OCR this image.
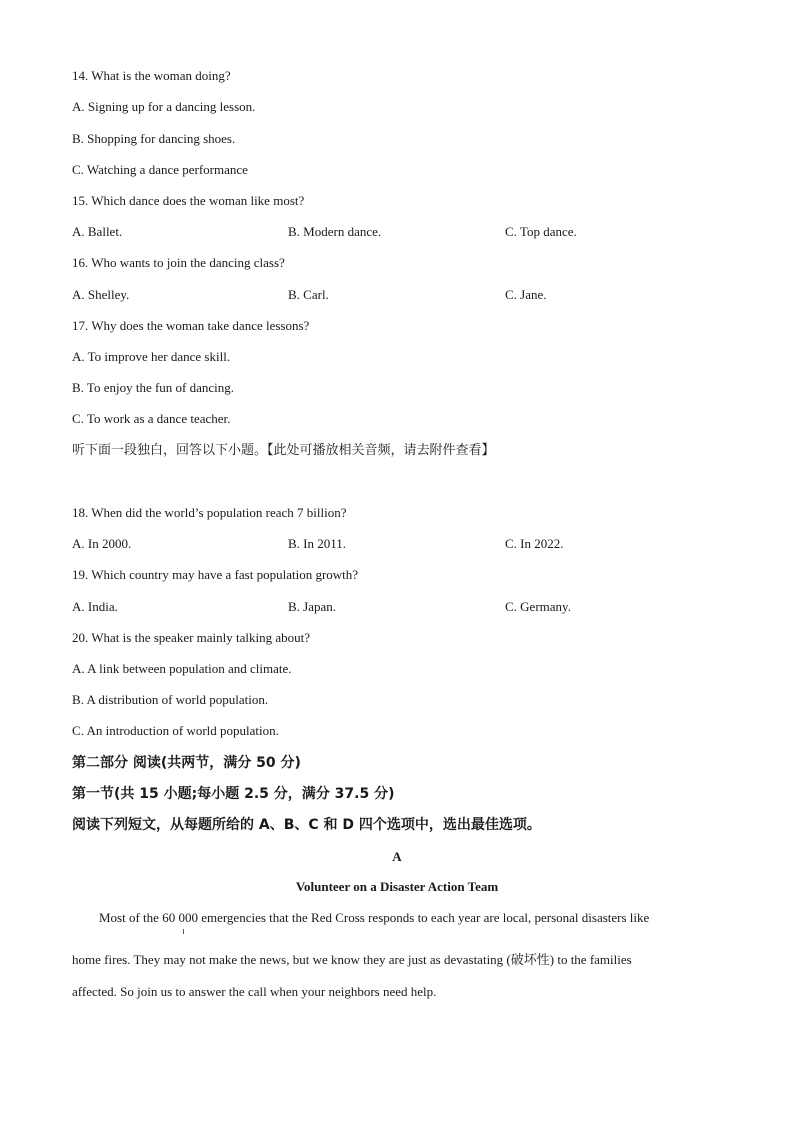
14. What is the woman doing?
A. Signing up for a dancing lesson.
B. Shopping for dancing shoes.
C. Watching a dance performance
15. Which dance does the woman like most?
A. Ballet.	B. Modern dance.	C. Top dance.
16. Who wants to join the dancing class?
A. Shelley.	B. Carl.	C. Jane.
17. Why does the woman take dance lessons?
A. To improve her dance skill.
B. To enjoy the fun of dancing.
C. To work as a dance teacher.
听下面一段独白，回答以下小题。【此处可播放相关音频，请去附件查看】
18. When did the world’s population reach 7 billion?
A. In 2000.	B. In 2011.	C. In 2022.
19. Which country may have a fast population growth?
A. India.	B. Japan.	C. Germany.
20. What is the speaker mainly talking about?
A. A link between population and climate.
B. A distribution of world population.
C. An introduction of world population.
第二部分 阅读(共两节，满分 50 分)
第一节(共 15 小题;每小题 2.5 分，满分 37.5 分)
阅读下列短文，从每题所给的 A、B、C 和 D 四个选项中，选出最佳选项。
A
Volunteer on a Disaster Action Team
Most of the 60 000 emergencies that the Red Cross responds to each year are local, personal disasters like
home fires. They may not make the news, but we know they are just as devastating (破坏性) to the families
affected. So join us to answer the call when your neighbors need help.
